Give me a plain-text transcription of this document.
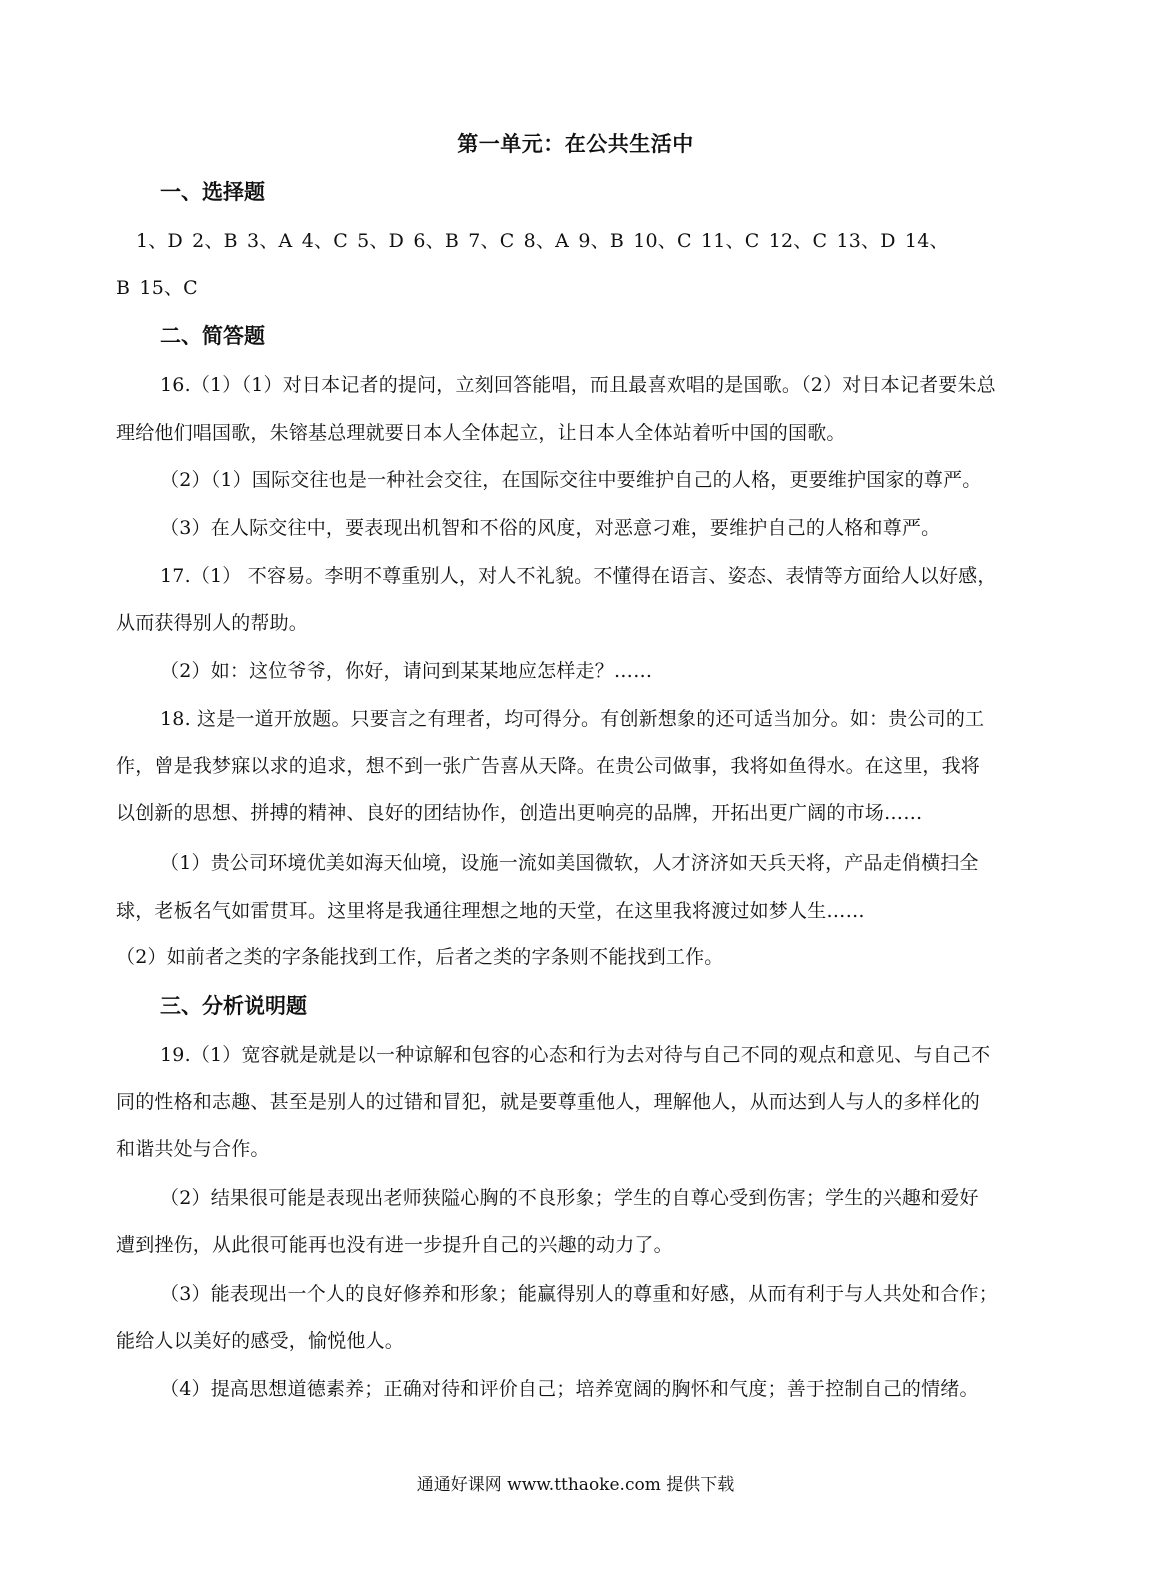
第一单元：在公共生活中
一、选择题
1、D 2、B 3、A 4、C 5、D 6、B 7、C 8、A 9、B 10、C 11、C 12、C 13、D 14、
B 15、C
二、简答题
16.（1）（1）对日本记者的提问，立刻回答能唱，而且最喜欢唱的是国歌。（2）对日本记者要朱总
理给他们唱国歌，朱镕基总理就要日本人全体起立，让日本人全体站着听中国的国歌。
（2）（1）国际交往也是一种社会交往，在国际交往中要维护自己的人格，更要维护国家的尊严。
（3）在人际交往中，要表现出机智和不俗的风度，对恶意刁难，要维护自己的人格和尊严。
17.（1） 不容易。李明不尊重别人，对人不礼貌。不懂得在语言、姿态、表情等方面给人以好感，
从而获得别人的帮助。
（2）如：这位爷爷，你好，请问到某某地应怎样走？……
18. 这是一道开放题。只要言之有理者，均可得分。有创新想象的还可适当加分。如：贵公司的工
作，曾是我梦寐以求的追求，想不到一张广告喜从天降。在贵公司做事，我将如鱼得水。在这里，我将
以创新的思想、拼搏的精神、良好的团结协作，创造出更响亮的品牌，开拓出更广阔的市场……
（1）贵公司环境优美如海天仙境，设施一流如美国微软，人才济济如天兵天将，产品走俏横扫全
球，老板名气如雷贯耳。这里将是我通往理想之地的天堂，在这里我将渡过如梦人生……
（2）如前者之类的字条能找到工作，后者之类的字条则不能找到工作。
三、分析说明题
19.（1）宽容就是就是以一种谅解和包容的心态和行为去对待与自己不同的观点和意见、与自己不
同的性格和志趣、甚至是别人的过错和冒犯，就是要尊重他人，理解他人，从而达到人与人的多样化的
和谐共处与合作。
（2）结果很可能是表现出老师狭隘心胸的不良形象；学生的自尊心受到伤害；学生的兴趣和爱好
遭到挫伤，从此很可能再也没有进一步提升自己的兴趣的动力了。
（3）能表现出一个人的良好修养和形象；能赢得别人的尊重和好感，从而有利于与人共处和合作；
能给人以美好的感受，愉悦他人。
（4）提高思想道德素养；正确对待和评价自己；培养宽阔的胸怀和气度；善于控制自己的情绪。
通通好课网 www.tthaoke.com 提供下载
